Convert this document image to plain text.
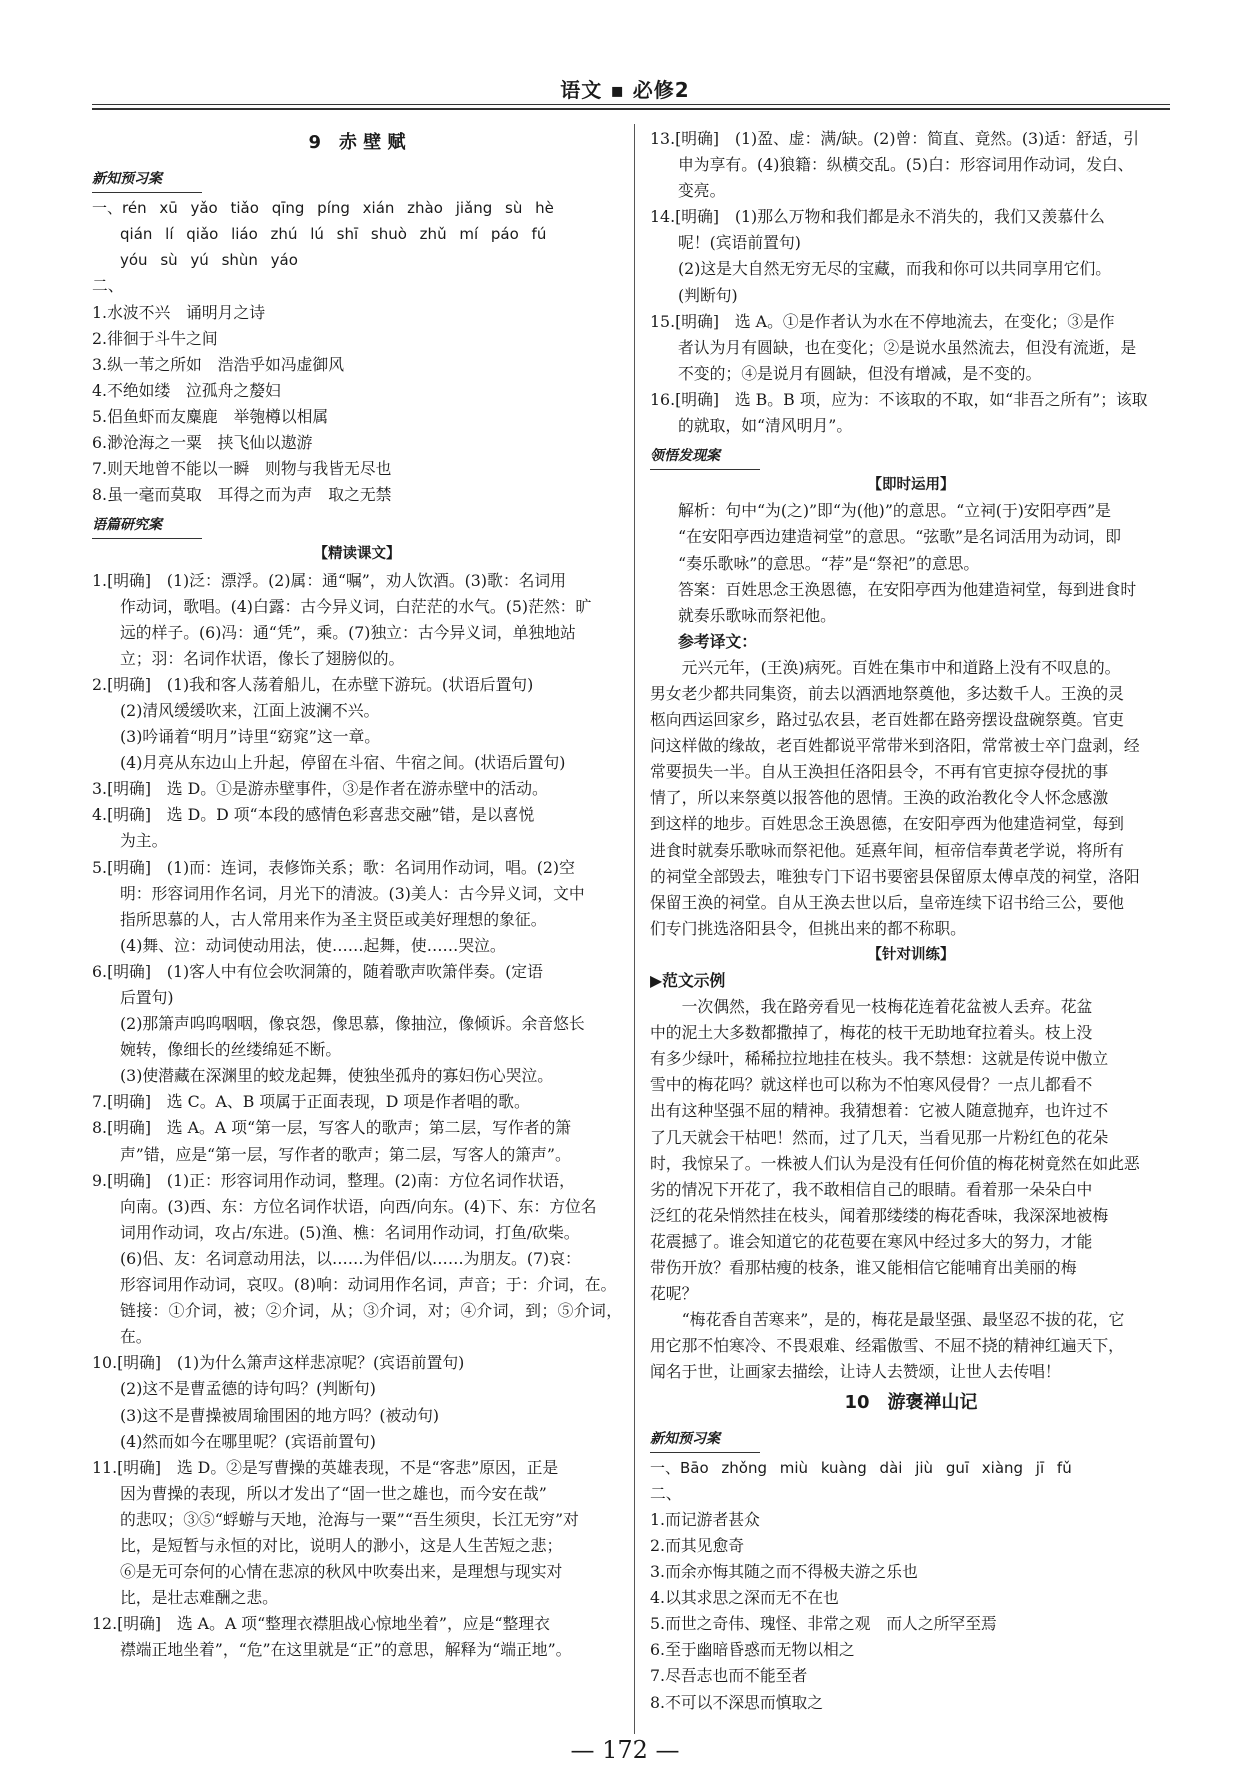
语文 ▪ 必修2
9　赤 壁 赋
新知预习案
一、rén xū yǎo tiǎo qīng píng xián zhào jiǎng sù hè
qián lí qiǎo liáo zhú lú shī shuò zhǔ mí páo fú
yóu sù yú shùn yáo
二、
1.水波不兴　诵明月之诗
2.徘徊于斗牛之间
3.纵一苇之所如　浩浩乎如冯虚御风
4.不绝如缕　泣孤舟之嫠妇
5.侣鱼虾而友麋鹿　举匏樽以相属
6.渺沧海之一粟　挟飞仙以遨游
7.则天地曾不能以一瞬　则物与我皆无尽也
8.虽一毫而莫取　耳得之而为声　取之无禁
语篇研究案
【精读课文】
1.[明确]　(1)泛：漂浮。(2)属：通“嘱”，劝人饮酒。(3)歌：名词用
作动词，歌唱。(4)白露：古今异义词，白茫茫的水气。(5)茫然：旷
远的样子。(6)冯：通“凭”，乘。(7)独立：古今异义词，单独地站
立；羽：名词作状语，像长了翅膀似的。
2.[明确]　(1)我和客人荡着船儿，在赤壁下游玩。(状语后置句)
(2)清风缓缓吹来，江面上波澜不兴。
(3)吟诵着“明月”诗里“窈窕”这一章。
(4)月亮从东边山上升起，停留在斗宿、牛宿之间。(状语后置句)
3.[明确]　选 D。①是游赤壁事件，③是作者在游赤壁中的活动。
4.[明确]　选 D。D 项“本段的感情色彩喜悲交融”错，是以喜悦
为主。
5.[明确]　(1)而：连词，表修饰关系；歌：名词用作动词，唱。(2)空
明：形容词用作名词，月光下的清波。(3)美人：古今异义词，文中
指所思慕的人，古人常用来作为圣主贤臣或美好理想的象征。
(4)舞、泣：动词使动用法，使……起舞，使……哭泣。
6.[明确]　(1)客人中有位会吹洞箫的，随着歌声吹箫伴奏。(定语
后置句)
(2)那箫声呜呜咽咽，像哀怨，像思慕，像抽泣，像倾诉。余音悠长
婉转，像细长的丝缕绵延不断。
(3)使潜藏在深渊里的蛟龙起舞，使独坐孤舟的寡妇伤心哭泣。
7.[明确]　选 C。A、B 项属于正面表现，D 项是作者唱的歌。
8.[明确]　选 A。A 项“第一层，写客人的歌声；第二层，写作者的箫
声”错，应是“第一层，写作者的歌声；第二层，写客人的箫声”。
9.[明确]　(1)正：形容词用作动词，整理。(2)南：方位名词作状语，
向南。(3)西、东：方位名词作状语，向西/向东。(4)下、东：方位名
词用作动词，攻占/东进。(5)渔、樵：名词用作动词，打鱼/砍柴。
(6)侣、友：名词意动用法，以……为伴侣/以……为朋友。(7)哀：
形容词用作动词，哀叹。(8)响：动词用作名词，声音；于：介词，在。
链接：①介词，被；②介词，从；③介词，对；④介词，到；⑤介词，在。
10.[明确]　(1)为什么箫声这样悲凉呢？(宾语前置句)
(2)这不是曹孟德的诗句吗？(判断句)
(3)这不是曹操被周瑜围困的地方吗？(被动句)
(4)然而如今在哪里呢？(宾语前置句)
11.[明确]　选 D。②是写曹操的英雄表现，不是“客悲”原因，正是
因为曹操的表现，所以才发出了“固一世之雄也，而今安在哉”
的悲叹；③⑤“蜉蝣与天地，沧海与一粟”“吾生须臾，长江无穷”对
比，是短暂与永恒的对比，说明人的渺小，这是人生苦短之悲；
⑥是无可奈何的心情在悲凉的秋风中吹奏出来，是理想与现实对
比，是壮志难酬之悲。
12.[明确]　选 A。A 项“整理衣襟胆战心惊地坐着”，应是“整理衣
襟端正地坐着”，“危”在这里就是“正”的意思，解释为“端正地”。
13.[明确]　(1)盈、虚：满/缺。(2)曾：简直、竟然。(3)适：舒适，引
申为享有。(4)狼籍：纵横交乱。(5)白：形容词用作动词，发白、
变亮。
14.[明确]　(1)那么万物和我们都是永不消失的，我们又羡慕什么
呢！(宾语前置句)
(2)这是大自然无穷无尽的宝藏，而我和你可以共同享用它们。
(判断句)
15.[明确]　选 A。①是作者认为水在不停地流去，在变化；③是作
者认为月有圆缺，也在变化；②是说水虽然流去，但没有流逝，是
不变的；④是说月有圆缺，但没有增减，是不变的。
16.[明确]　选 B。B 项，应为：不该取的不取，如“非吾之所有”；该取
的就取，如“清风明月”。
领悟发现案
【即时运用】
解析：句中“为(之)”即“为(他)”的意思。“立祠(于)安阳亭西”是
“在安阳亭西边建造祠堂”的意思。“弦歌”是名词活用为动词，即
“奏乐歌咏”的意思。“荐”是“祭祀”的意思。
答案：百姓思念王涣恩德，在安阳亭西为他建造祠堂，每到进食时
就奏乐歌咏而祭祀他。
参考译文：
　　元兴元年，(王涣)病死。百姓在集市中和道路上没有不叹息的。
男女老少都共同集资，前去以酒洒地祭奠他，多达数千人。王涣的灵
柩向西运回家乡，路过弘农县，老百姓都在路旁摆设盘碗祭奠。官吏
问这样做的缘故，老百姓都说平常带米到洛阳，常常被士卒门盘剥，经
常要损失一半。自从王涣担任洛阳县令，不再有官吏掠夺侵扰的事
情了，所以来祭奠以报答他的恩情。王涣的政治教化令人怀念感激
到这样的地步。百姓思念王涣恩德，在安阳亭西为他建造祠堂，每到
进食时就奏乐歌咏而祭祀他。延熹年间，桓帝信奉黄老学说，将所有
的祠堂全部毁去，唯独专门下诏书要密县保留原太傅卓茂的祠堂，洛阳
保留王涣的祠堂。自从王涣去世以后，皇帝连续下诏书给三公，要他
们专门挑选洛阳县令，但挑出来的都不称职。
【针对训练】
▶范文示例
　　一次偶然，我在路旁看见一枝梅花连着花盆被人丢弃。花盆
中的泥土大多数都撒掉了，梅花的枝干无助地耷拉着头。枝上没
有多少绿叶，稀稀拉拉地挂在枝头。我不禁想：这就是传说中傲立
雪中的梅花吗？就这样也可以称为不怕寒风侵骨？一点儿都看不
出有这种坚强不屈的精神。我猜想着：它被人随意抛弃，也许过不
了几天就会干枯吧！然而，过了几天，当看见那一片粉红色的花朵
时，我惊呆了。一株被人们认为是没有任何价值的梅花树竟然在如此恶
劣的情况下开花了，我不敢相信自己的眼睛。看着那一朵朵白中
泛红的花朵悄然挂在枝头，闻着那缕缕的梅花香味，我深深地被梅
花震撼了。谁会知道它的花苞要在寒风中经过多大的努力，才能
带伤开放？看那枯瘦的枝条，谁又能相信它能哺育出美丽的梅
花呢？
　　“梅花香自苦寒来”，是的，梅花是最坚强、最坚忍不拔的花，它
用它那不怕寒冷、不畏艰难、经霜傲雪、不屈不挠的精神红遍天下，
闻名于世，让画家去描绘，让诗人去赞颂，让世人去传唱！
10　游褒禅山记
新知预习案
一、Bāo zhǒng miù kuàng dài jiù guī xiàng jī fǔ
二、
1.而记游者甚众
2.而其见愈奇
3.而余亦悔其随之而不得极夫游之乐也
4.以其求思之深而无不在也
5.而世之奇伟、瑰怪、非常之观　而人之所罕至焉
6.至于幽暗昏惑而无物以相之
7.尽吾志也而不能至者
8.不可以不深思而慎取之
— 172 —
